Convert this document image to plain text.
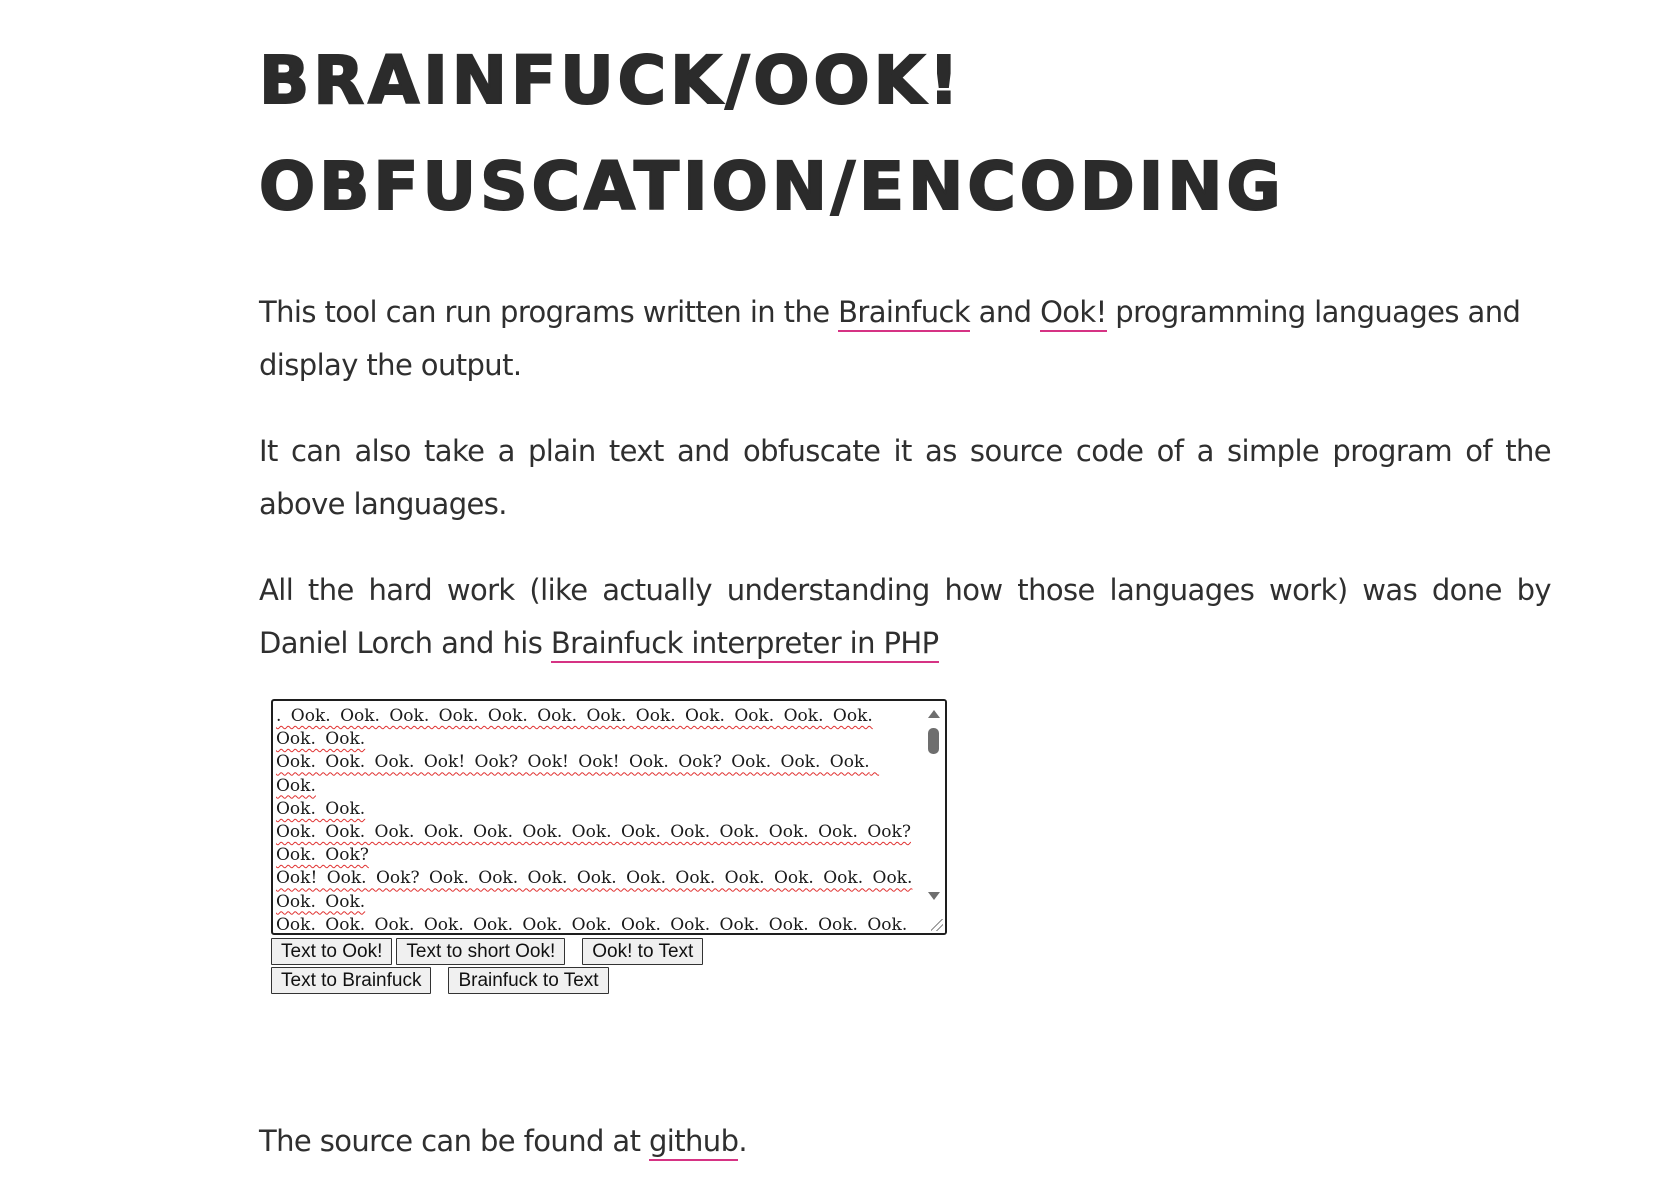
BRAINFUCK/OOK!
OBFUSCATION/ENCODING

This tool can run programs written in the Brainfuck and Ook! programming languages and display the output.

It can also take a plain text and obfuscate it as source code of a simple program of the above languages.

All the hard work (like actually understanding how those languages work) was done by Daniel Lorch and his Brainfuck interpreter in PHP

. Ook. Ook. Ook. Ook. Ook. Ook. Ook. Ook. Ook. Ook. Ook. Ook.
Ook. Ook.
Ook. Ook. Ook. Ook! Ook? Ook! Ook! Ook. Ook? Ook. Ook. Ook. Ook.
Ook. Ook.
Ook. Ook. Ook. Ook. Ook. Ook. Ook. Ook. Ook. Ook. Ook. Ook. Ook?
Ook. Ook?
Ook! Ook. Ook? Ook. Ook. Ook. Ook. Ook. Ook. Ook. Ook. Ook. Ook.
Ook. Ook.
Ook. Ook. Ook. Ook. Ook. Ook. Ook. Ook. Ook. Ook. Ook. Ook. Ook.

Text to Ook!	Text to short Ook!	Ook! to Text
Text to Brainfuck	Brainfuck to Text

The source can be found at github.
